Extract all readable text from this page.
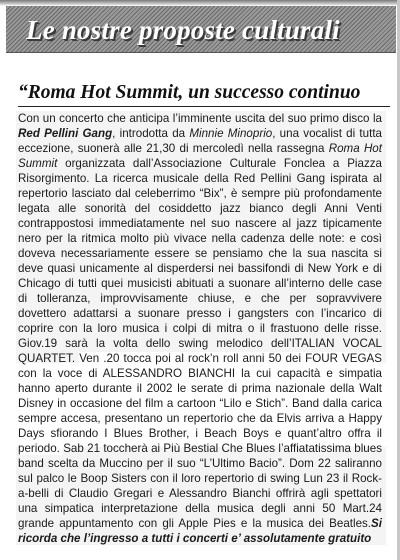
Le nostre proposte culturali
“Roma Hot Summit, un successo continuo

Con un concerto che anticipa l’imminente uscita del suo primo disco la Red Pellini Gang, introdotta da Minnie Minoprio, una vocalist di tutta eccezione, suonerà alle 21,30 di mercoledì nella rassegna Roma Hot Summit organizzata dall’Associazione Culturale Fonclea a Piazza Risorgimento. La ricerca musicale della Red Pellini Gang ispirata al repertorio lasciato dal celeberrimo “Bix”, è sempre più profondamente legata alle sonorità del cosiddetto jazz bianco degli Anni Venti contrappostosi immediatamente nel suo nascere al jazz tipicamente nero per la ritmica molto più vivace nella cadenza delle note: e così doveva necessariamente essere se pensiamo che la sua nascita si deve quasi unicamente al disperdersi nei bassifondi di New York e di Chicago di tutti quei musicisti abituati a suonare all’interno delle case di tolleranza, improvvisamente chiuse, e che per sopravvivere dovettero adattarsi a suonare presso i gangsters con l’incarico di coprire con la loro musica i colpi di mitra o il frastuono delle risse. Giov.19 sarà la volta dello swing melodico dell’ITALIAN VOCAL QUARTET. Ven .20 tocca poi al rock’n roll anni 50 dei FOUR VEGAS con la voce di ALESSANDRO BIANCHI la cui capacità e simpatia hanno aperto durante il 2002 le serate di prima nazionale della Walt Disney in occasione del film a cartoon “Lilo e Stich”. Band dalla carica sempre accesa, presentano un repertorio che da Elvis arriva a Happy Days sfiorando I Blues Brother, i Beach Boys e quant’altro offra il periodo. Sab 21 toccherà ai Più Bestial Che Blues l’affiatatissima blues band scelta da Muccino per il suo “L’Ultimo Bacio”. Dom 22 saliranno sul palco le Boop Sisters con il loro repertorio di swing Lun 23 il Rock-a-belli di Claudio Gregari e Alessandro Bianchi offrirà agli spettatori una simpatica interpretazione della musica degli anni 50 Mart.24 grande appuntamento con gli Apple Pies e la musica dei Beatles.Si ricorda che l’ingresso a tutti i concerti e’ assolutamente gratuito
